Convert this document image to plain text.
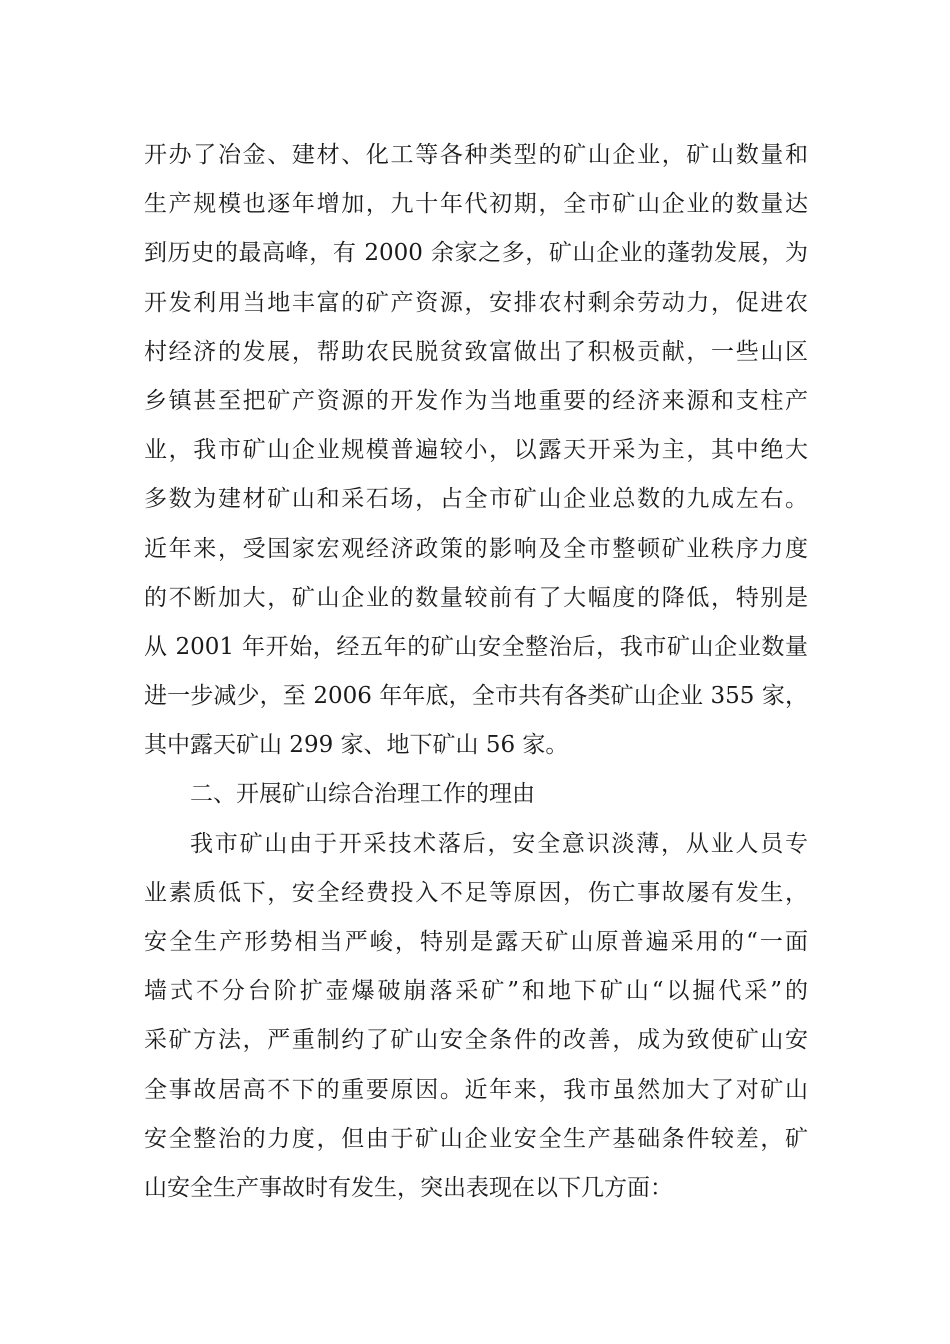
开办了冶金、建材、化工等各种类型的矿山企业，矿山数量和
生产规模也逐年增加，九十年代初期，全市矿山企业的数量达
到历史的最高峰，有 2000 余家之多，矿山企业的蓬勃发展，为
开发利用当地丰富的矿产资源，安排农村剩余劳动力，促进农
村经济的发展，帮助农民脱贫致富做出了积极贡献，一些山区
乡镇甚至把矿产资源的开发作为当地重要的经济来源和支柱产
业，我市矿山企业规模普遍较小，以露天开采为主，其中绝大
多数为建材矿山和采石场，占全市矿山企业总数的九成左右。
近年来，受国家宏观经济政策的影响及全市整顿矿业秩序力度
的不断加大，矿山企业的数量较前有了大幅度的降低，特别是
从 2001 年开始，经五年的矿山安全整治后，我市矿山企业数量
进一步减少，至 2006 年年底，全市共有各类矿山企业 355 家，
其中露天矿山 299 家、地下矿山 56 家。
二、开展矿山综合治理工作的理由
我市矿山由于开采技术落后，安全意识淡薄，从业人员专
业素质低下，安全经费投入不足等原因，伤亡事故屡有发生，
安全生产形势相当严峻，特别是露天矿山原普遍采用的“一面
墙式不分台阶扩壶爆破崩落采矿”和地下矿山“以掘代采”的
采矿方法，严重制约了矿山安全条件的改善，成为致使矿山安
全事故居高不下的重要原因。近年来，我市虽然加大了对矿山
安全整治的力度，但由于矿山企业安全生产基础条件较差，矿
山安全生产事故时有发生，突出表现在以下几方面：
